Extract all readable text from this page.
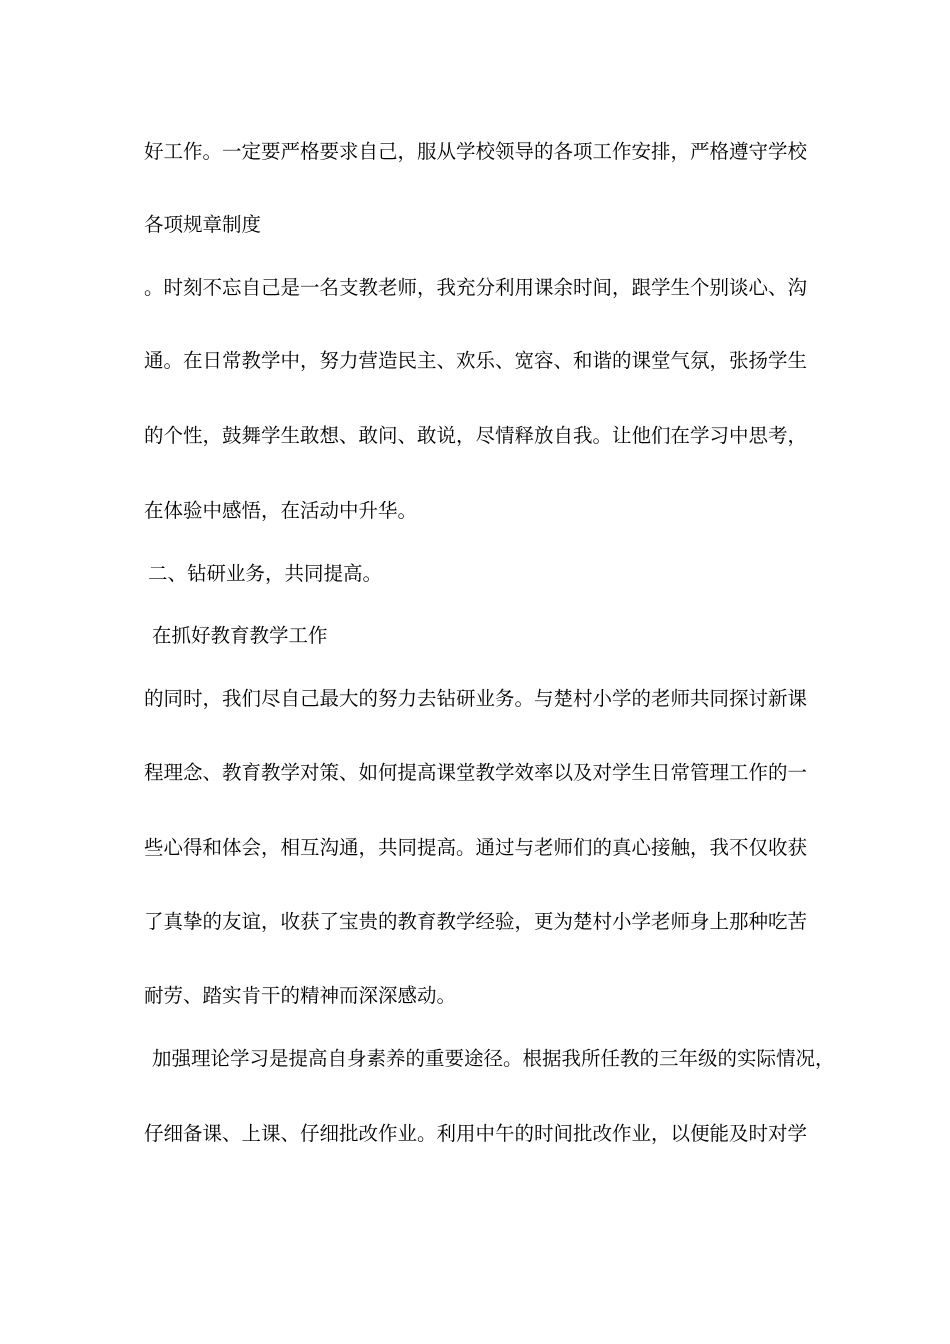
好工作。一定要严格要求自己，服从学校领导的各项工作安排，严格遵守学校
各项规章制度
。时刻不忘自己是一名支教老师，我充分利用课余时间，跟学生个别谈心、沟
通。在日常教学中，努力营造民主、欢乐、宽容、和谐的课堂气氛，张扬学生
的个性，鼓舞学生敢想、敢问、敢说，尽情释放自我。让他们在学习中思考，
在体验中感悟，在活动中升华。
二、钻研业务，共同提高。
在抓好教育教学工作
的同时，我们尽自己最大的努力去钻研业务。与楚村小学的老师共同探讨新课
程理念、教育教学对策、如何提高课堂教学效率以及对学生日常管理工作的一
些心得和体会，相互沟通，共同提高。通过与老师们的真心接触，我不仅收获
了真挚的友谊，收获了宝贵的教育教学经验，更为楚村小学老师身上那种吃苦
耐劳、踏实肯干的精神而深深感动。
加强理论学习是提高自身素养的重要途径。根据我所任教的三年级的实际情况，
仔细备课、上课、仔细批改作业。利用中午的时间批改作业，以便能及时对学
